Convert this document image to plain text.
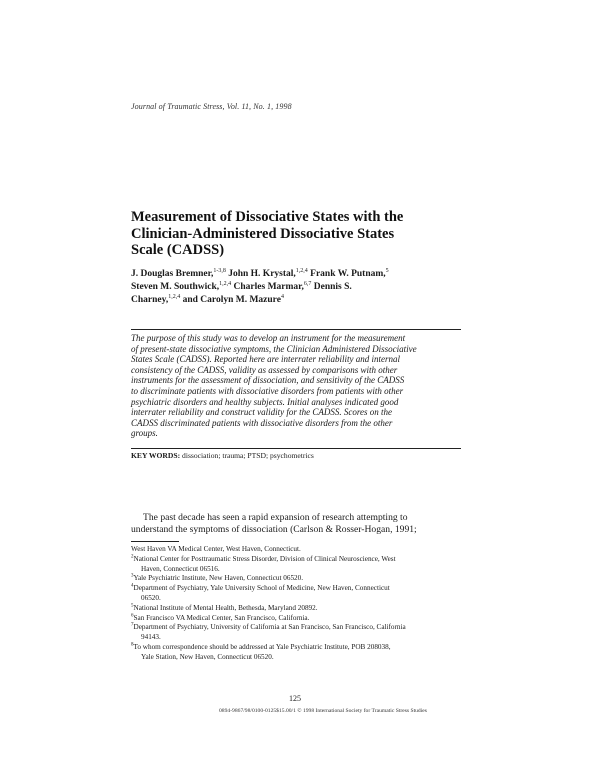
Journal of Traumatic Stress, Vol. 11, No. 1, 1998
Measurement of Dissociative States with the
Clinician-Administered Dissociative States
Scale (CADSS)
J. Douglas Bremner,$^{1-3,8}$ John H. Krystal,$^{1,2,4}$ Frank W. Putnam,$^5$
Steven M. Southwick,$^{1,2,4}$ Charles Marmar,$^{6,7}$ Dennis S.
Charney,$^{1,2,4}$ and Carolyn M. Mazure$^4$
The purpose of this study was to develop an instrument for the measurement
of present-state dissociative symptoms, the Clinician Administered Dissociative
States Scale (CADSS). Reported here are interrater reliability and internal
consistency of the CADSS, validity as assessed by comparisons with other
instruments for the assessment of dissociation, and sensitivity of the CADSS
to discriminate patients with dissociative disorders from patients with other
psychiatric disorders and healthy subjects. Initial analyses indicated good
interrater reliability and construct validity for the CADSS. Scores on the
CADSS discriminated patients with dissociative disorders from the other
groups.
KEY WORDS: dissociation; trauma; PTSD; psychometrics
The past decade has seen a rapid expansion of research attempting to
understand the symptoms of dissociation (Carlson & Rosser-Hogan, 1991;
West Haven VA Medical Center, West Haven, Connecticut.
$^2$National Center for Posttraumatic Stress Disorder, Division of Clinical Neuroscience, West
Haven, Connecticut 06516.
$^3$Yale Psychiatric Institute, New Haven, Connecticut 06520.
$^4$Department of Psychiatry, Yale University School of Medicine, New Haven, Connecticut
06520.
$^5$National Institute of Mental Health, Bethesda, Maryland 20892.
$^6$San Francisco VA Medical Center, San Francisco, California.
$^7$Department of Psychiatry, University of California at San Francisco, San Francisco, California
94143.
$^8$To whom correspondence should be addressed at Yale Psychiatric Institute, POB 208038,
Yale Station, New Haven, Connecticut 06520.
125
0894-9867/98/0100-0125$15.00/1 © 1998 International Society for Traumatic Stress Studies
